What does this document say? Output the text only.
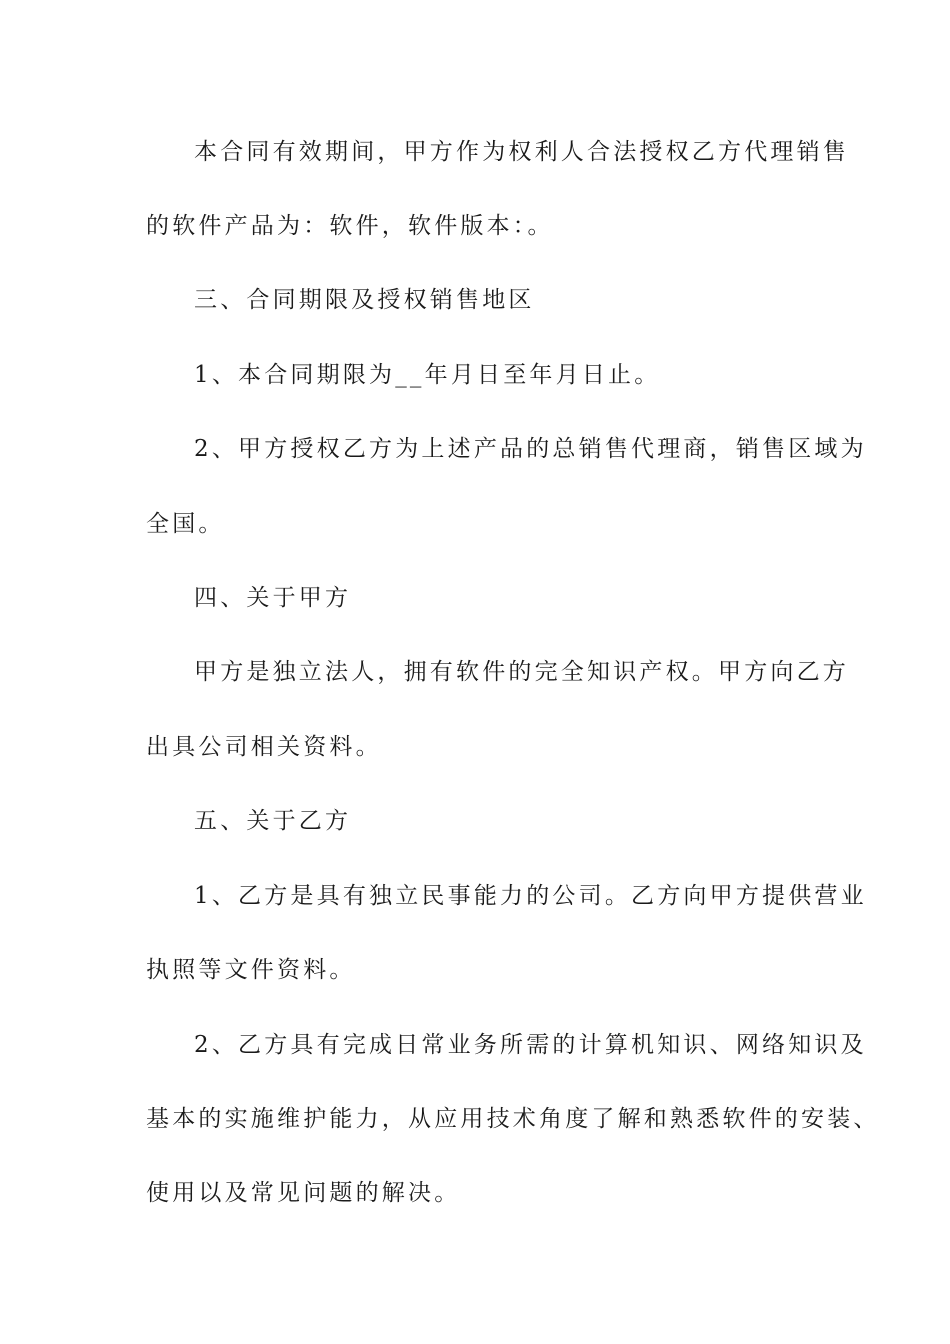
本合同有效期间，甲方作为权利人合法授权乙方代理销售

的软件产品为：软件，软件版本：。

三、合同期限及授权销售地区

1、本合同期限为__年月日至年月日止。

2、甲方授权乙方为上述产品的总销售代理商，销售区域为

全国。

四、关于甲方

甲方是独立法人，拥有软件的完全知识产权。甲方向乙方

出具公司相关资料。

五、关于乙方

1、乙方是具有独立民事能力的公司。乙方向甲方提供营业

执照等文件资料。

2、乙方具有完成日常业务所需的计算机知识、网络知识及

基本的实施维护能力，从应用技术角度了解和熟悉软件的安装、

使用以及常见问题的解决。
